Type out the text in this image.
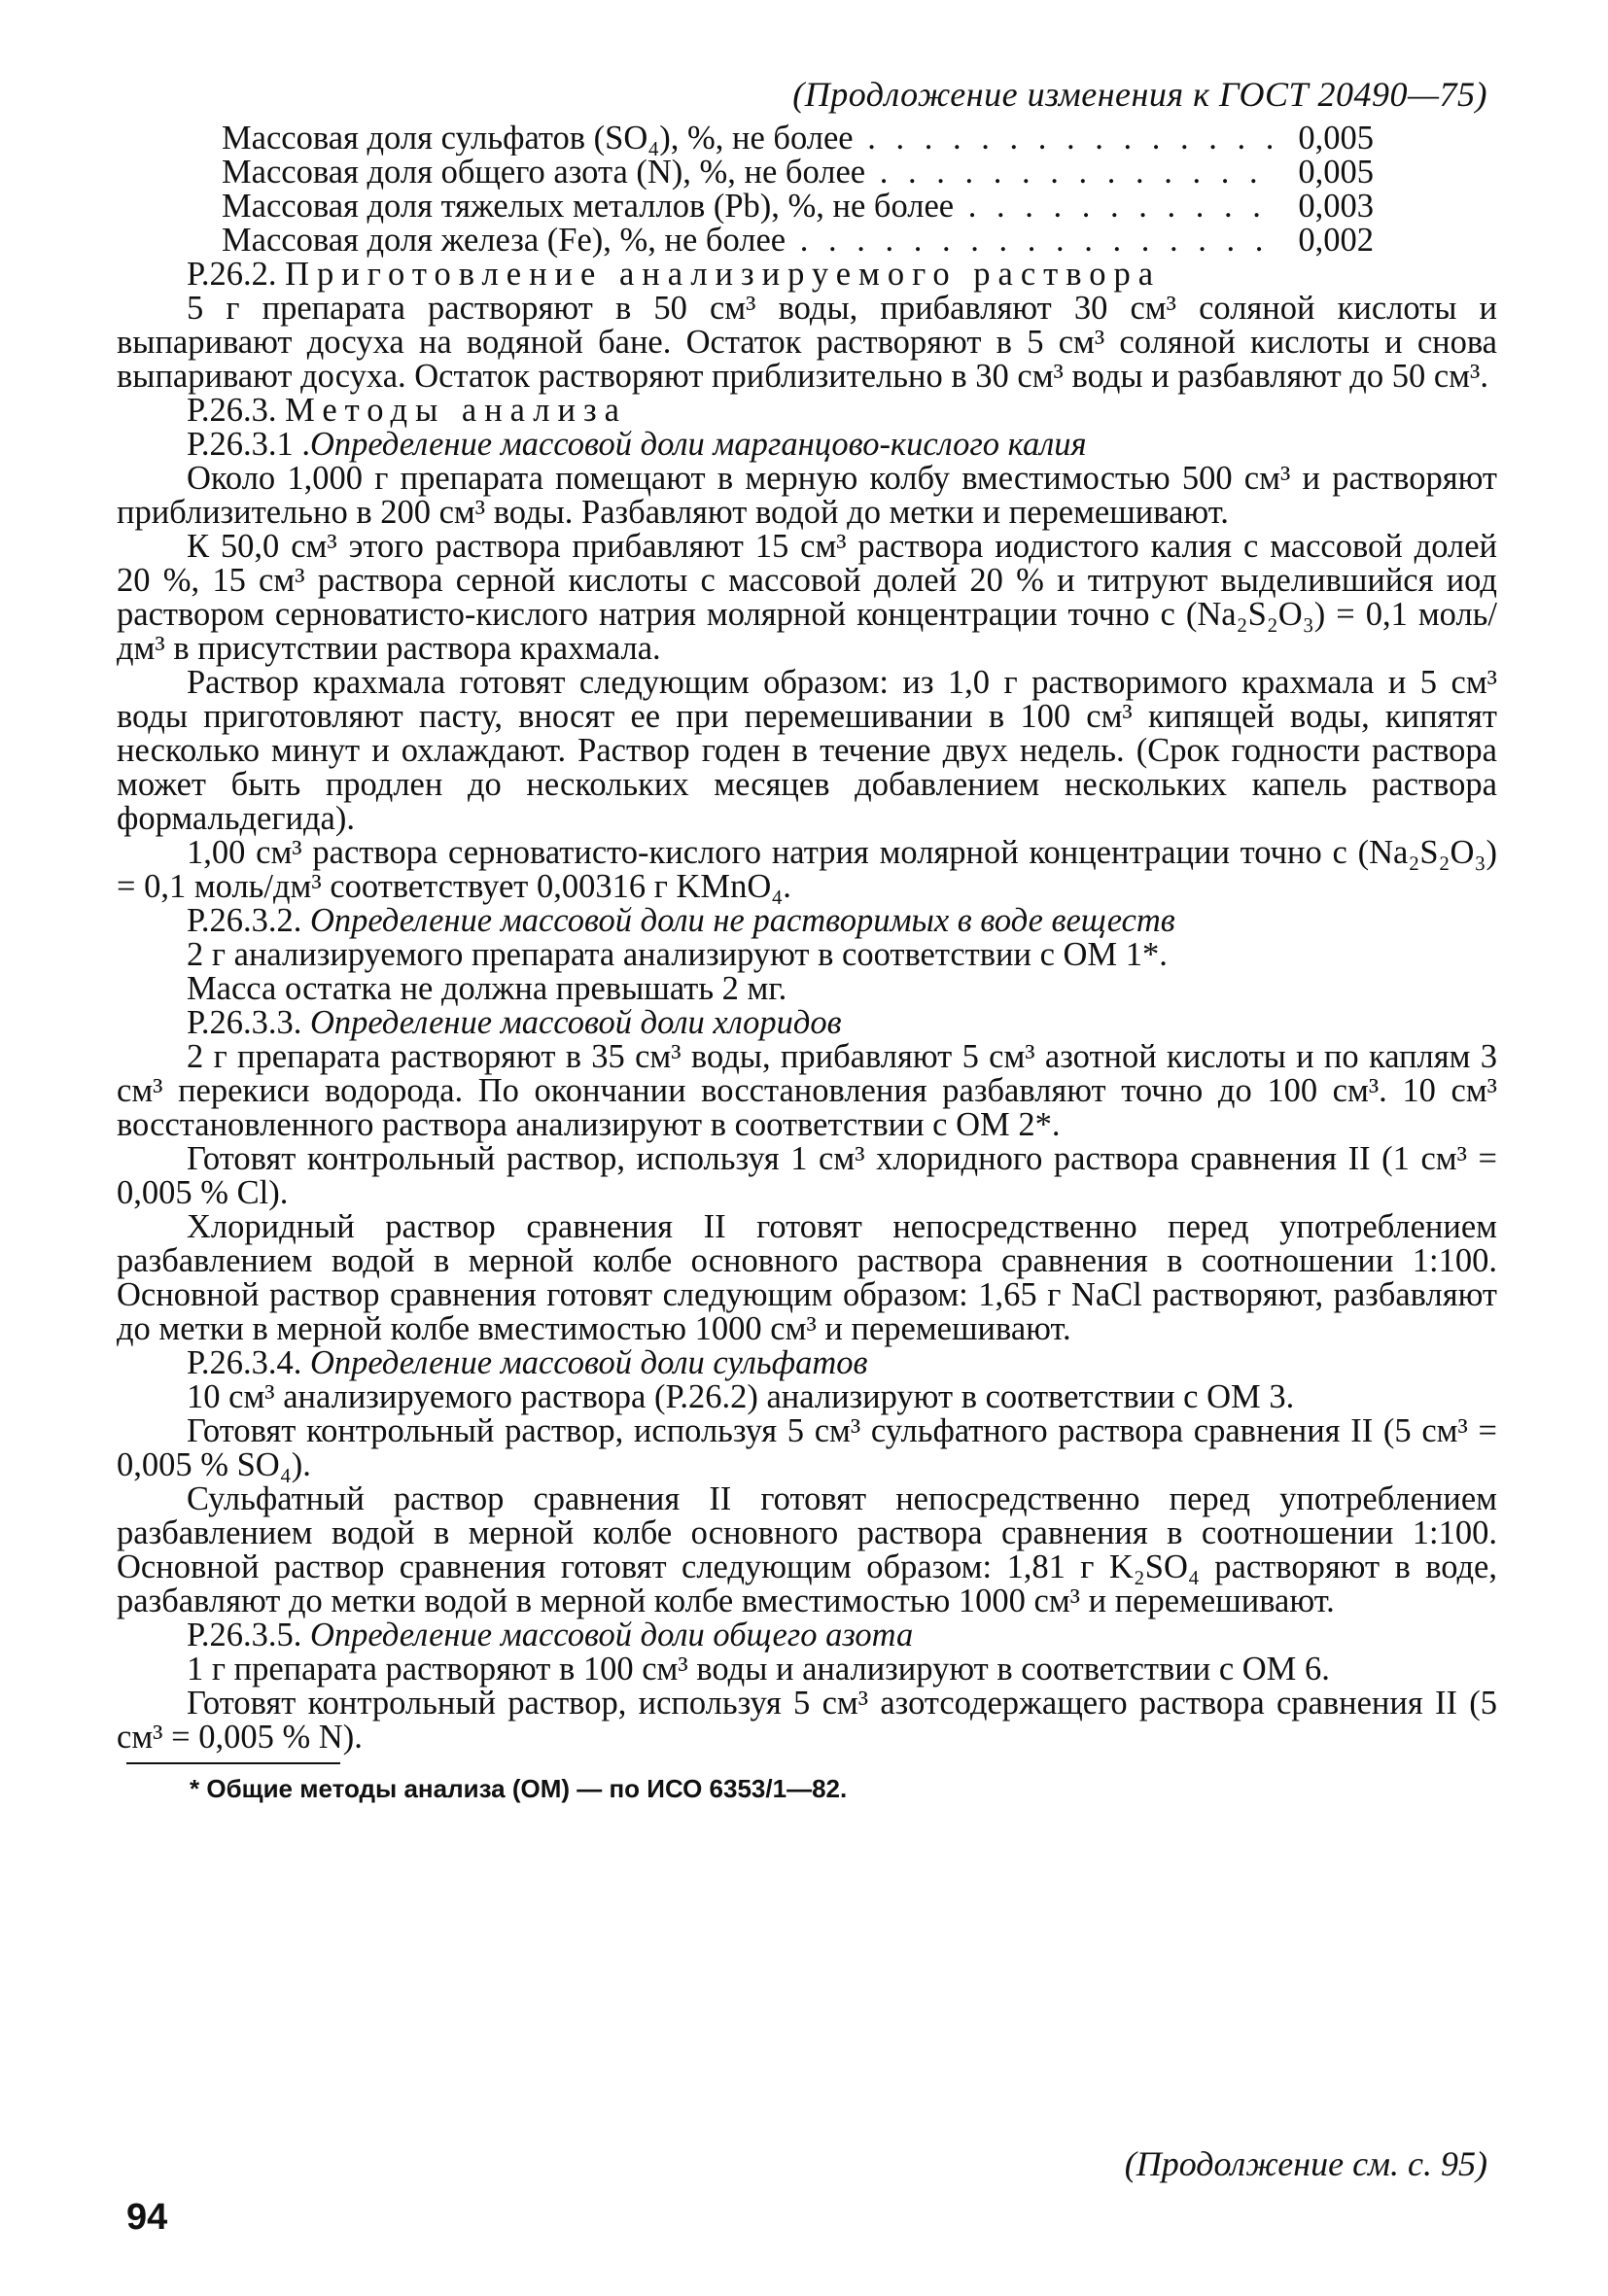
(Продложение изменения к ГОСТ 20490—75)
Массовая доля сульфатов (SO₄), %, не более . . .	0,005
Массовая доля общего азота (N), %, не более . . .	0,005
Массовая доля тяжелых металлов (Pb), %, не более . . .	0,003
Массовая доля железа (Fe), %, не более . . .	0,002

Р.26.2. Приготовление анализируемого раствора

5 г препарата растворяют в 50 см³ воды, прибавляют 30 см³ соляной кислоты и выпаривают досуха на водяной бане. Остаток растворяют в 5 см³ соляной кислоты и снова выпаривают досуха. Остаток растворяют приблизительно в 30 см³ воды и разбавляют до 50 см³.

Р.26.3. Методы анализа

Р.26.3.1 .Определение массовой доли марганцово-кислого калия

Около 1,000 г препарата помещают в мерную колбу вместимостью 500 см³ и растворяют приблизительно в 200 см³ воды. Разбавляют водой до метки и перемешивают.

К 50,0 см³ этого раствора прибавляют 15 см³ раствора иодистого калия с массовой долей 20 %, 15 см³ раствора серной кислоты с массовой долей 20 % и титруют выделившийся иод раствором серноватисто-кислого натрия молярной концентрации точно c (Na₂S₂O₃) = 0,1 моль/дм³ в присутствии раствора крахмала.

Раствор крахмала готовят следующим образом: из 1,0 г растворимого крахмала и 5 см³ воды приготовляют пасту, вносят ее при перемешивании в 100 см³ кипящей воды, кипятят несколько минут и охлаждают. Раствор годен в течение двух недель. (Срок годности раствора может быть продлен до нескольких месяцев добавлением нескольких капель раствора формальдегида).

1,00 см³ раствора серноватисто-кислого натрия молярной концентрации точно c (Na₂S₂O₃) = 0,1 моль/дм³ соответствует 0,00316 г KMnO₄.

Р.26.3.2. Определение массовой доли не растворимых в воде веществ

2 г анализируемого препарата анализируют в соответствии с ОМ 1*.

Масса остатка не должна превышать 2 мг.

Р.26.3.3. Определение массовой доли хлоридов

2 г препарата растворяют в 35 см³ воды, прибавляют 5 см³ азотной кислоты и по каплям 3 см³ перекиси водорода. По окончании восстановления разбавляют точно до 100 см³. 10 см³ восстановленного раствора анализируют в соответствии с ОМ 2*.

Готовят контрольный раствор, используя 1 см³ хлоридного раствора сравнения II (1 см³ = 0,005 % Cl).

Хлоридный раствор сравнения II готовят непосредственно перед употреблением разбавлением водой в мерной колбе основного раствора сравнения в соотношении 1:100. Основной раствор сравнения готовят следующим образом: 1,65 г NaCl растворяют, разбавляют до метки в мерной колбе вместимостью 1000 см³ и перемешивают.

Р.26.3.4. Определение массовой доли сульфатов

10 см³ анализируемого раствора (Р.26.2) анализируют в соответствии с ОМ 3.

Готовят контрольный раствор, используя 5 см³ сульфатного раствора сравнения II (5 см³ = 0,005 % SO₄).

Сульфатный раствор сравнения II готовят непосредственно перед употреблением разбавлением водой в мерной колбе основного раствора сравнения в соотношении 1:100. Основной раствор сравнения готовят следующим образом: 1,81 г K₂SO₄ растворяют в воде, разбавляют до метки водой в мерной колбе вместимостью 1000 см³ и перемешивают.

Р.26.3.5. Определение массовой доли общего азота

1 г препарата растворяют в 100 см³ воды и анализируют в соответствии с ОМ 6.

Готовят контрольный раствор, используя 5 см³ азотсодержащего раствора сравнения II (5 см³ = 0,005 % N).

* Общие методы анализа (ОМ) — по ИСО 6353/1—82.
(Продолжение см. с. 95)
94
